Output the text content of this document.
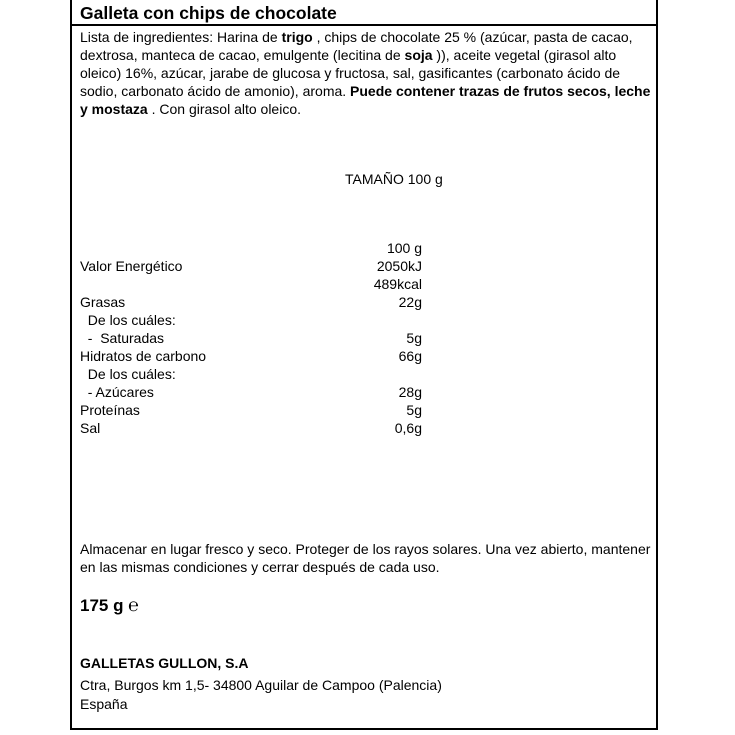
Galleta con chips de chocolate
Lista de ingredientes: Harina de trigo , chips de chocolate 25 % (azúcar, pasta de cacao, dextrosa, manteca de cacao, emulgente (lecitina de soja )), aceite vegetal (girasol alto oleico) 16%, azúcar, jarabe de glucosa y fructosa, sal, gasificantes (carbonato ácido de sodio, carbonato ácido de amonio), aroma. Puede contener trazas de frutos secos, leche y mostaza . Con girasol alto oleico.
TAMAÑO 100 g
100 g
Valor Energético	2050kJ
489kcal
Grasas	22g
De los cuáles:
-  Saturadas	5g
Hidratos de carbono	66g
De los cuáles:
- Azúcares	28g
Proteínas	5g
Sal	0,6g
Almacenar en lugar fresco y seco. Proteger de los rayos solares. Una vez abierto, mantener en las mismas condiciones y cerrar después de cada uso.
175 g ℮
GALLETAS GULLON, S.A
Ctra, Burgos km 1,5- 34800 Aguilar de Campoo (Palencia)
España
